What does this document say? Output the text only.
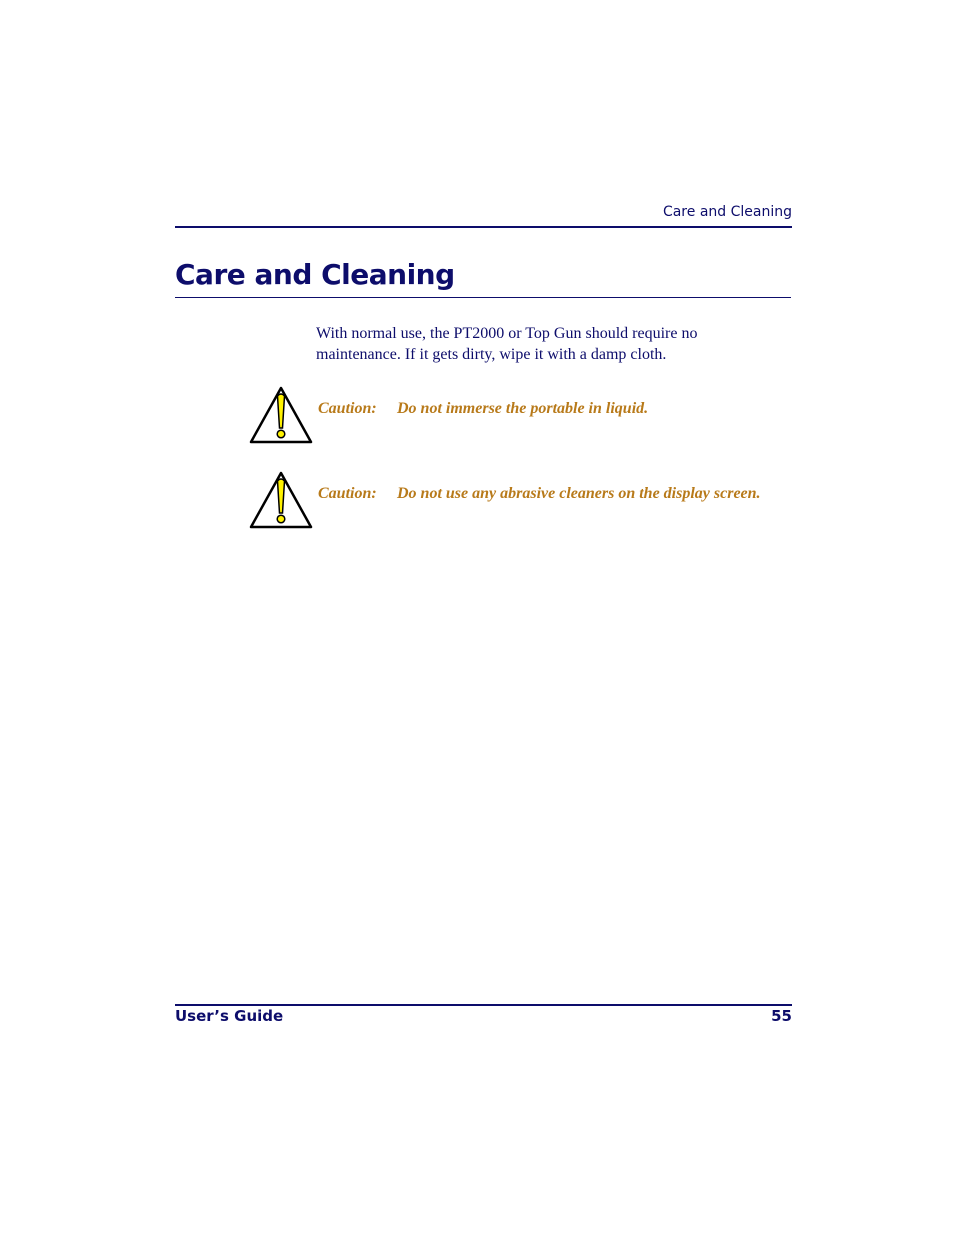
Care and Cleaning
Care and Cleaning

With normal use, the PT2000 or Top Gun should require no maintenance. If it gets dirty, wipe it with a damp cloth.

Caution: Do not immerse the portable in liquid.
Caution: Do not use any abrasive cleaners on the display screen.
User’s Guide	55
